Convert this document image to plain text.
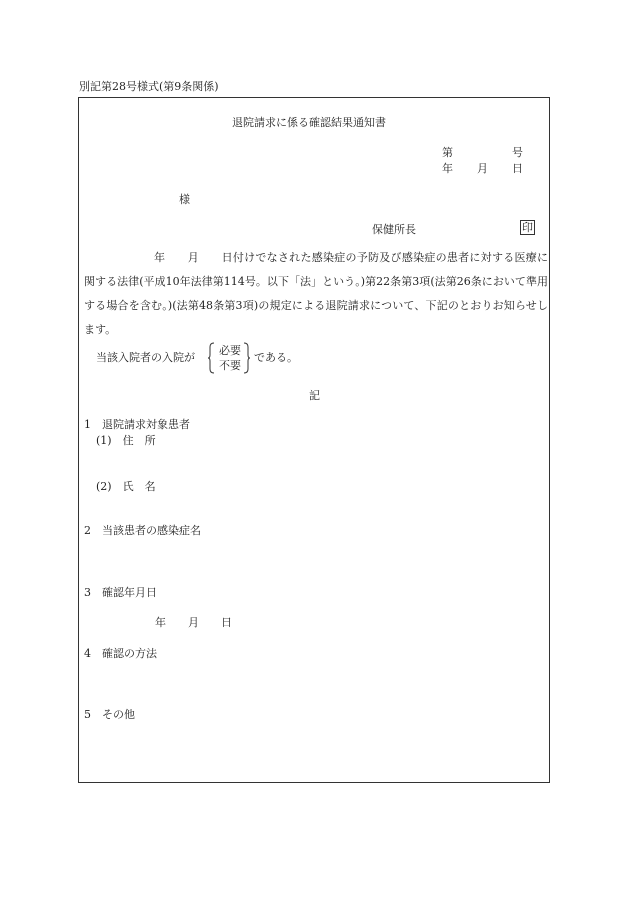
別記第28号様式(第9条関係)
退院請求に係る確認結果通知書
第	号
年 月 日
様
保健所長	印
年　　月　　日付けでなされた感染症の予防及び感染症の患者に対する医療に関する法律(平成10年法律第114号。以下「法」という。)第22条第3項(法第26条において準用する場合を含む。)(法第48条第3項)の規定による退院請求について、下記のとおりお知らせします。
当該入院者の入院が
必要
不要
である。
記
1　退院請求対象患者
(1)　住　所
(2)　氏　名
2　当該患者の感染症名
3　確認年月日
年　　月　　日
4　確認の方法
5　その他
